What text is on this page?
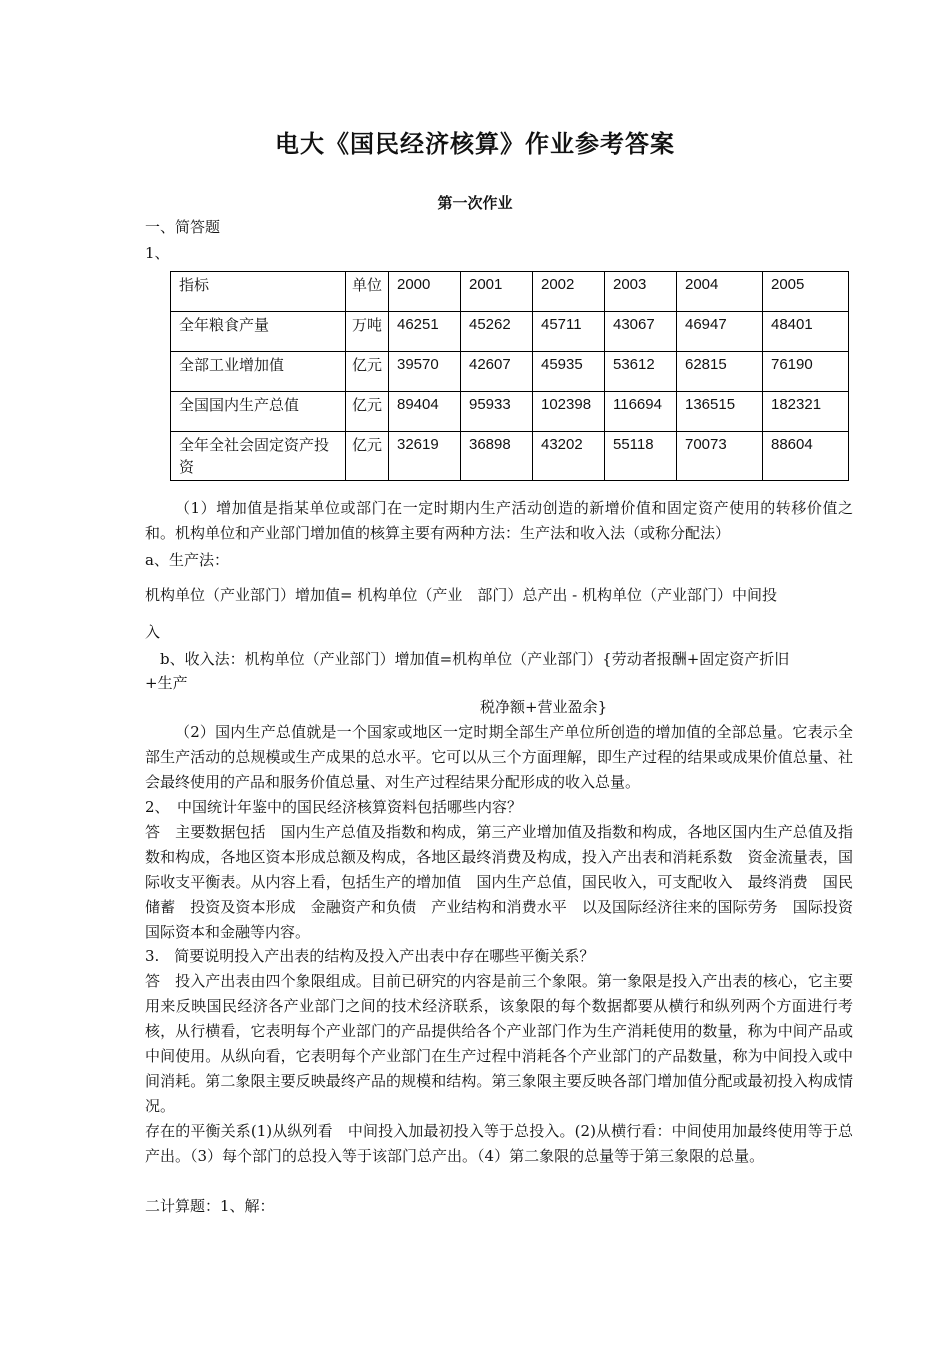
电大《国民经济核算》作业参考答案
第一次作业
一、简答题
1、
指标	单位	2000	2001	2002	2003	2004	2005
全年粮食产量	万吨	46251	45262	45711	43067	46947	48401
全部工业增加值	亿元	39570	42607	45935	53612	62815	76190
全国国内生产总值	亿元	89404	95933	102398	116694	136515	182321
全年全社会固定资产投资	亿元	32619	36898	43202	55118	70073	88604
（1）增加值是指某单位或部门在一定时期内生产活动创造的新增价值和固定资产使用的转移价值之和。机构单位和产业部门增加值的核算主要有两种方法：生产法和收入法（或称分配法）
a、生产法：
机构单位（产业部门）增加值= 机构单位（产业　部门）总产出 - 机构单位（产业部门）中间投
入
b、收入法：机构单位（产业部门）增加值=机构单位（产业部门）{劳动者报酬+固定资产折旧
+生产
税净额+营业盈余}
（2）国内生产总值就是一个国家或地区一定时期全部生产单位所创造的增加值的全部总量。它表示全部生产活动的总规模或生产成果的总水平。它可以从三个方面理解，即生产过程的结果或成果价值总量、社会最终使用的产品和服务价值总量、对生产过程结果分配形成的收入总量。
2、　中国统计年鉴中的国民经济核算资料包括哪些内容？
答　主要数据包括　国内生产总值及指数和构成，第三产业增加值及指数和构成，各地区国内生产总值及指数和构成，各地区资本形成总额及构成，各地区最终消费及构成，投入产出表和消耗系数　资金流量表，国际收支平衡表。从内容上看，包括生产的增加值　国内生产总值，国民收入，可支配收入　最终消费　国民储蓄　投资及资本形成　金融资产和负债　产业结构和消费水平　以及国际经济往来的国际劳务　国际投资　国际资本和金融等内容。
3.　简要说明投入产出表的结构及投入产出表中存在哪些平衡关系？
答　投入产出表由四个象限组成。目前已研究的内容是前三个象限。第一象限是投入产出表的核心，它主要用来反映国民经济各产业部门之间的技术经济联系，该象限的每个数据都要从横行和纵列两个方面进行考核，从行横看，它表明每个产业部门的产品提供给各个产业部门作为生产消耗使用的数量，称为中间产品或中间使用。从纵向看，它表明每个产业部门在生产过程中消耗各个产业部门的产品数量，称为中间投入或中间消耗。第二象限主要反映最终产品的规模和结构。第三象限主要反映各部门增加值分配或最初投入构成情况。
存在的平衡关系(1)从纵列看　中间投入加最初投入等于总投入。(2)从横行看：中间使用加最终使用等于总产出。（3）每个部门的总投入等于该部门总产出。（4）第二象限的总量等于第三象限的总量。
二计算题：1、解：
